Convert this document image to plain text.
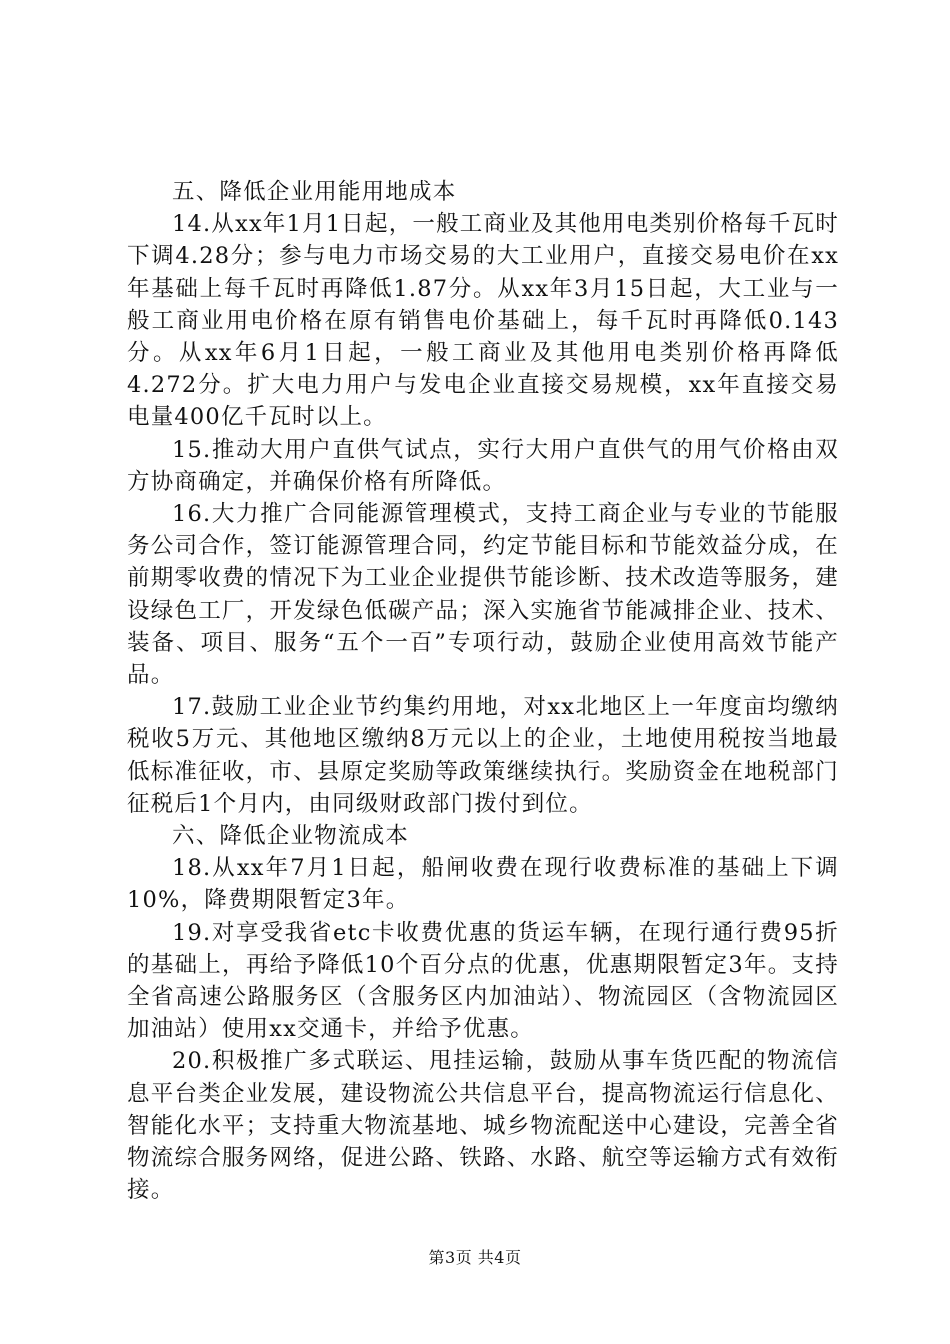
五、降低企业用能用地成本

14.从xx年1月1日起，一般工商业及其他用电类别价格每千瓦时下调4.28分；参与电力市场交易的大工业用户，直接交易电价在xx年基础上每千瓦时再降低1.87分。从xx年3月15日起，大工业与一般工商业用电价格在原有销售电价基础上，每千瓦时再降低0.143分。从xx年6月1日起，一般工商业及其他用电类别价格再降低4.272分。扩大电力用户与发电企业直接交易规模，xx年直接交易电量400亿千瓦时以上。

15.推动大用户直供气试点，实行大用户直供气的用气价格由双方协商确定，并确保价格有所降低。

16.大力推广合同能源管理模式，支持工商企业与专业的节能服务公司合作，签订能源管理合同，约定节能目标和节能效益分成，在前期零收费的情况下为工业企业提供节能诊断、技术改造等服务，建设绿色工厂，开发绿色低碳产品；深入实施省节能减排企业、技术、装备、项目、服务“五个一百”专项行动，鼓励企业使用高效节能产品。

17.鼓励工业企业节约集约用地，对xx北地区上一年度亩均缴纳税收5万元、其他地区缴纳8万元以上的企业，土地使用税按当地最低标准征收，市、县原定奖励等政策继续执行。奖励资金在地税部门征税后1个月内，由同级财政部门拨付到位。

六、降低企业物流成本

18.从xx年7月1日起，船闸收费在现行收费标准的基础上下调10%，降费期限暂定3年。

19.对享受我省etc卡收费优惠的货运车辆，在现行通行费95折的基础上，再给予降低10个百分点的优惠，优惠期限暂定3年。支持全省高速公路服务区（含服务区内加油站）、物流园区（含物流园区加油站）使用xx交通卡，并给予优惠。

20.积极推广多式联运、甩挂运输，鼓励从事车货匹配的物流信息平台类企业发展，建设物流公共信息平台，提高物流运行信息化、智能化水平；支持重大物流基地、城乡物流配送中心建设，完善全省物流综合服务网络，促进公路、铁路、水路、航空等运输方式有效衔接。

第3页 共4页
